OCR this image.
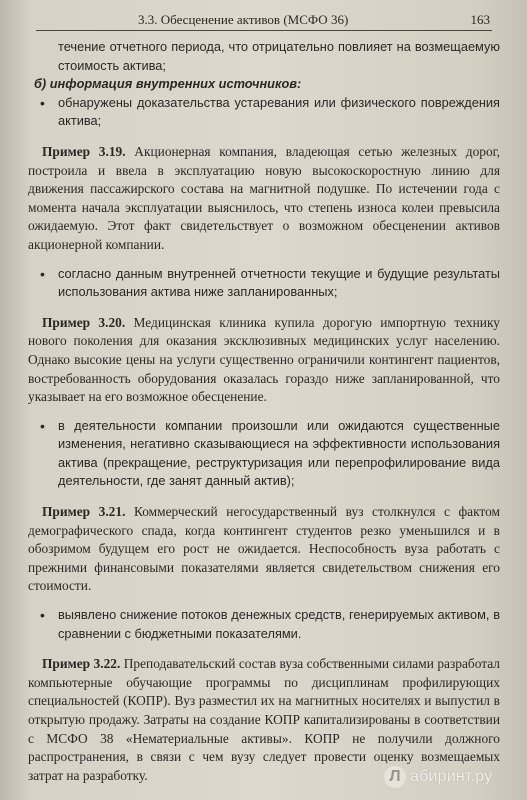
3.3. Обесценение активов (МСФО 36)	163

течение отчетного периода, что отрицательно повлияет на возмещаемую стоимость актива;

б) информация внутренних источников:

• обнаружены доказательства устаревания или физического повреждения актива;

Пример 3.19. Акционерная компания, владеющая сетью железных дорог, построила и ввела в эксплуатацию новую высокоскоростную линию для движения пассажирского состава на магнитной подушке. По истечении года с момента начала эксплуатации выяснилось, что степень износа колеи превысила ожидаемую. Этот факт свидетельствует о возможном обесценении активов акционерной компании.

• согласно данным внутренней отчетности текущие и будущие результаты использования актива ниже запланированных;

Пример 3.20. Медицинская клиника купила дорогую импортную технику нового поколения для оказания эксклюзивных медицинских услуг населению. Однако высокие цены на услуги существенно ограничили контингент пациентов, востребованность оборудования оказалась гораздо ниже запланированной, что указывает на его возможное обесценение.

• в деятельности компании произошли или ожидаются существенные изменения, негативно сказывающиеся на эффективности использования актива (прекращение, реструктуризация или перепрофилирование вида деятельности, где занят данный актив);

Пример 3.21. Коммерческий негосударственный вуз столкнулся с фактом демографического спада, когда контингент студентов резко уменьшился и в обозримом будущем его рост не ожидается. Неспособность вуза работать с прежними финансовыми показателями является свидетельством снижения его стоимости.

• выявлено снижение потоков денежных средств, генерируемых активом, в сравнении с бюджетными показателями.

Пример 3.22. Преподавательский состав вуза собственными силами разработал компьютерные обучающие программы по дисциплинам профилирующих специальностей (КОПР). Вуз разместил их на магнитных носителях и выпустил в открытую продажу. Затраты на создание КОПР капитализированы в соответствии с МСФО 38 «Нематериальные активы». КОПР не получили должного распространения, в связи с чем вузу следует провести оценку возмещаемых затрат на разработку.	Л абиринт.ру
